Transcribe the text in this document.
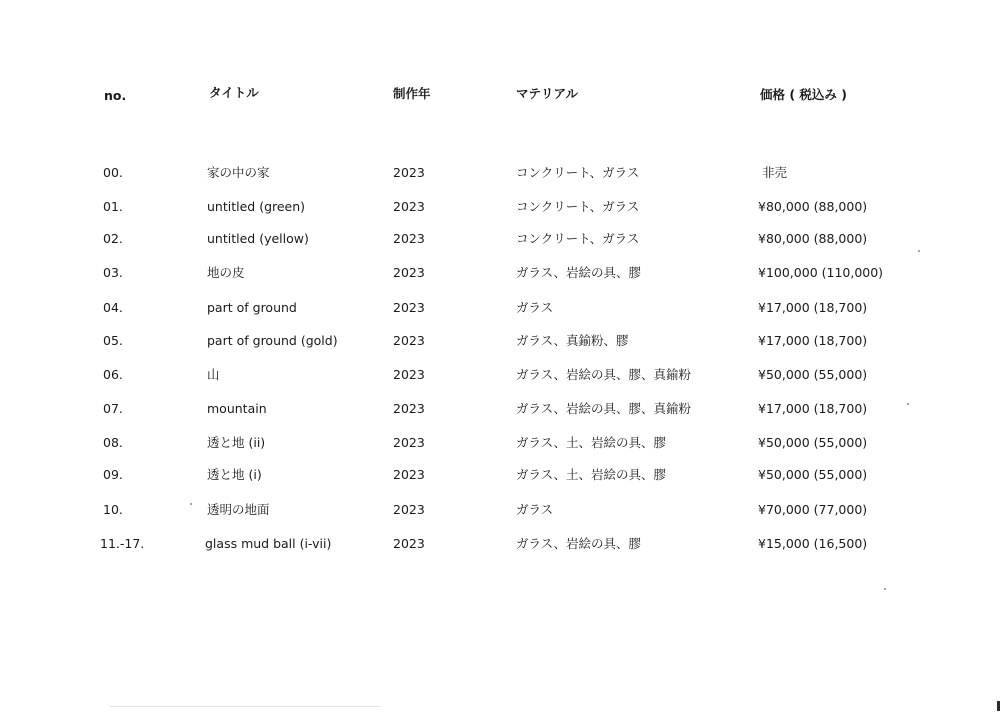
no.	タイトル	制作年	マテリアル	価格 ( 税込み )
00.	家の中の家	2023	コンクリート、ガラス	非売
01.	untitled (green)	2023	コンクリート、ガラス	¥80,000 (88,000)
02.	untitled (yellow)	2023	コンクリート、ガラス	¥80,000 (88,000)
03.	地の皮	2023	ガラス、岩絵の具、膠	¥100,000 (110,000)
04.	part of ground	2023	ガラス	¥17,000 (18,700)
05.	part of ground (gold)	2023	ガラス、真鍮粉、膠	¥17,000 (18,700)
06.	山	2023	ガラス、岩絵の具、膠、真鍮粉	¥50,000 (55,000)
07.	mountain	2023	ガラス、岩絵の具、膠、真鍮粉	¥17,000 (18,700)
08.	透と地 (ii)	2023	ガラス、土、岩絵の具、膠	¥50,000 (55,000)
09.	透と地 (i)	2023	ガラス、土、岩絵の具、膠	¥50,000 (55,000)
10.	透明の地面	2023	ガラス	¥70,000 (77,000)
11.-17.	glass mud ball (i-vii)	2023	ガラス、岩絵の具、膠	¥15,000 (16,500)
